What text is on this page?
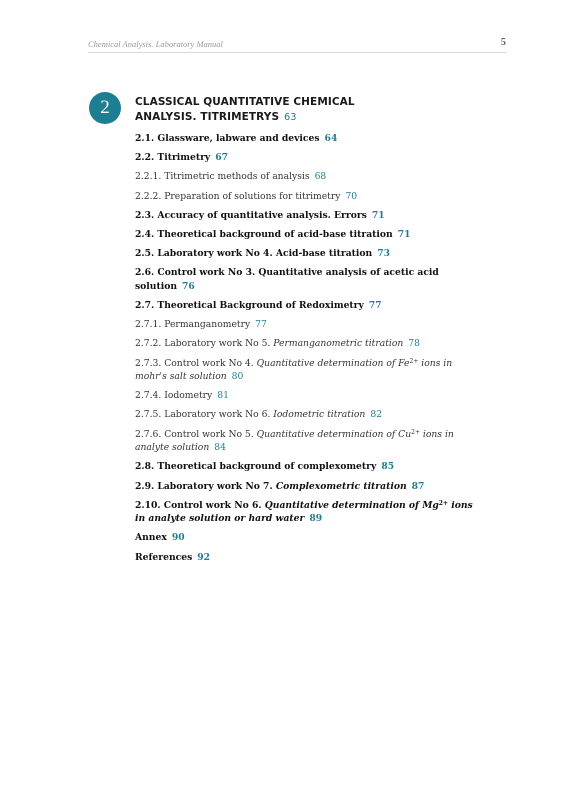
Chemical Analysis. Laboratory Manual	5
2 CLASSICAL QUANTITATIVE CHEMICAL
ANALYSIS. TITRIMETRYS 63
2.1. Glassware, labware and devices 64
2.2. Titrimetry 67
2.2.1. Titrimetric methods of analysis 68
2.2.2. Preparation of solutions for titrimetry 70
2.3. Accuracy of quantitative analysis. Errors 71
2.4. Theoretical background of acid-base titration 71
2.5. Laboratory work No 4. Acid-base titration 73
2.6. Control work No 3. Quantitative analysis of acetic acid
solution 76
2.7. Theoretical Background of Redoximetry 77
2.7.1. Permanganometry 77
2.7.2. Laboratory work No 5. Permanganometric titration 78
2.7.3. Control work No 4. Quantitative determination of $Fe^{2+}$ ions in
mohr's salt solution 80
2.7.4. Iodometry 81
2.7.5. Laboratory work No 6. Iodometric titration 82
2.7.6. Control work No 5. Quantitative determination of $Cu^{2+}$ ions in
analyte solution 84
2.8. Theoretical background of complexometry 85
2.9. Laboratory work No 7. Complexometric titration 87
2.10. Control work No 6. Quantitative determination of $Mg^{2+}$ ions
in analyte solution or hard water 89
Annex 90
References 92
